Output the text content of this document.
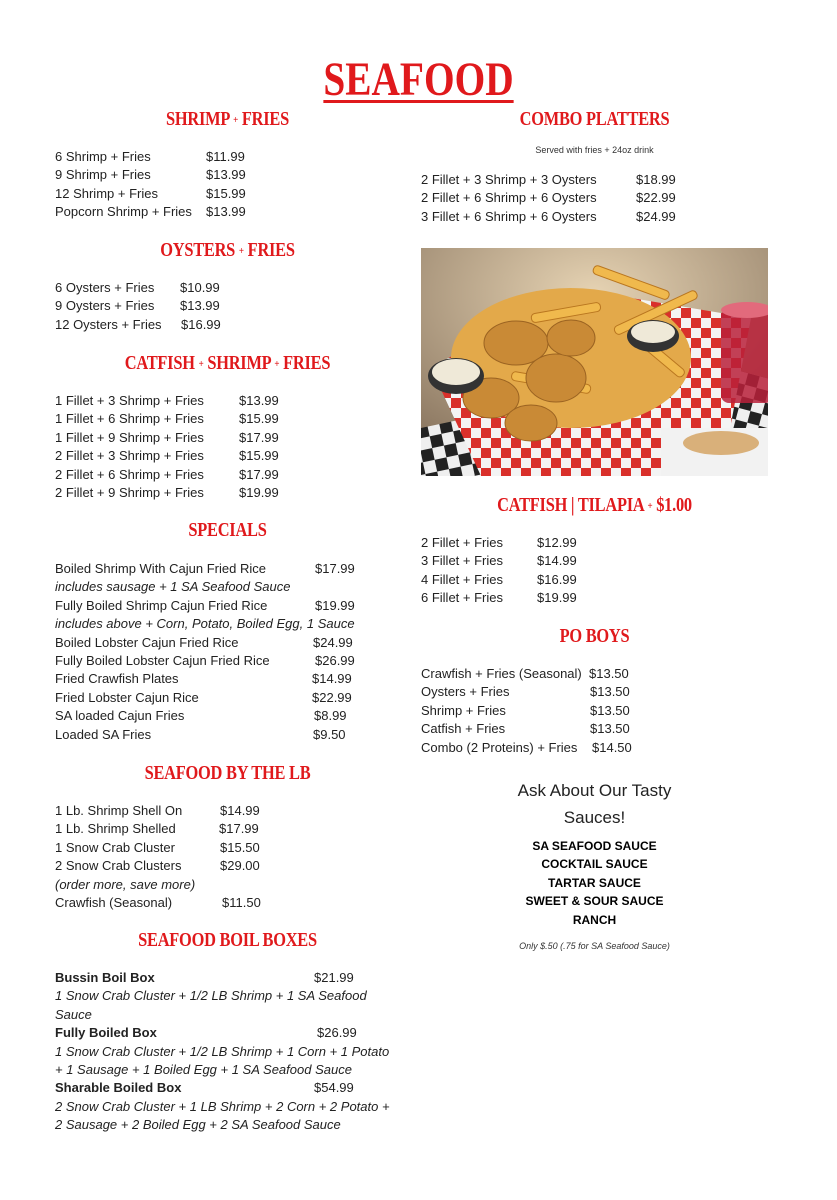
SEAFOOD
SHRIMP + FRIES
6 Shrimp + Fries	$11.99
9 Shrimp + Fries	$13.99
12 Shrimp + Fries	$15.99
Popcorn Shrimp + Fries $13.99
OYSTERS + FRIES
6 Oysters + Fries $10.99
9 Oysters + Fries $13.99
12 Oysters + Fries $16.99
CATFISH + SHRIMP + FRIES
1 Fillet + 3 Shrimp + Fries	$13.99
1 Fillet + 6 Shrimp + Fries	$15.99
1 Fillet + 9 Shrimp + Fries	$17.99
2 Fillet + 3 Shrimp + Fries	$15.99
2 Fillet + 6 Shrimp + Fries	$17.99
2 Fillet + 9 Shrimp + Fries	$19.99
SPECIALS
Boiled Shrimp With Cajun Fried Rice	$17.99
includes sausage + 1 SA Seafood Sauce
Fully Boiled Shrimp Cajun Fried Rice	$19.99
includes above + Corn, Potato, Boiled Egg, 1 Sauce
Boiled Lobster Cajun Fried Rice	$24.99
Fully Boiled Lobster Cajun Fried Rice	$26.99
Fried Crawfish Plates	$14.99
Fried Lobster Cajun Rice	$22.99
SA loaded Cajun Fries	$8.99
Loaded SA Fries	$9.50
SEAFOOD BY THE LB
1 Lb. Shrimp Shell On	$14.99
1 Lb. Shrimp Shelled	$17.99
1 Snow Crab Cluster	$15.50
2 Snow Crab Clusters	$29.00
(order more, save more)
Crawfish (Seasonal)	$11.50
SEAFOOD BOIL BOXES
Bussin Boil Box	$21.99
1 Snow Crab Cluster + 1/2 LB Shrimp + 1 SA Seafood
Sauce
Fully Boiled Box	$26.99
1 Snow Crab Cluster + 1/2 LB Shrimp + 1 Corn + 1 Potato
+ 1 Sausage + 1 Boiled Egg + 1 SA Seafood Sauce
Sharable Boiled Box	$54.99
2 Snow Crab Cluster + 1 LB Shrimp + 2 Corn + 2 Potato +
2 Sausage + 2 Boiled Egg + 2 SA Seafood Sauce
COMBO PLATTERS
Served with fries + 24oz drink
2 Fillet + 3 Shrimp + 3 Oysters	$18.99
2 Fillet + 6 Shrimp + 6 Oysters	$22.99
3 Fillet + 6 Shrimp + 6 Oysters	$24.99
CATFISH | TILAPIA + $1.00
2 Fillet + Fries	$12.99
3 Fillet + Fries	$14.99
4 Fillet + Fries	$16.99
6 Fillet + Fries	$19.99
PO BOYS
Crawfish + Fries (Seasonal) $13.50
Oysters + Fries	$13.50
Shrimp + Fries	$13.50
Catfish + Fries	$13.50
Combo (2 Proteins) + Fries $14.50
Ask About Our Tasty
Sauces!
SA SEAFOOD SAUCE
COCKTAIL SAUCE
TARTAR SAUCE
SWEET & SOUR SAUCE
RANCH
Only $.50 (.75 for SA Seafood Sauce)
